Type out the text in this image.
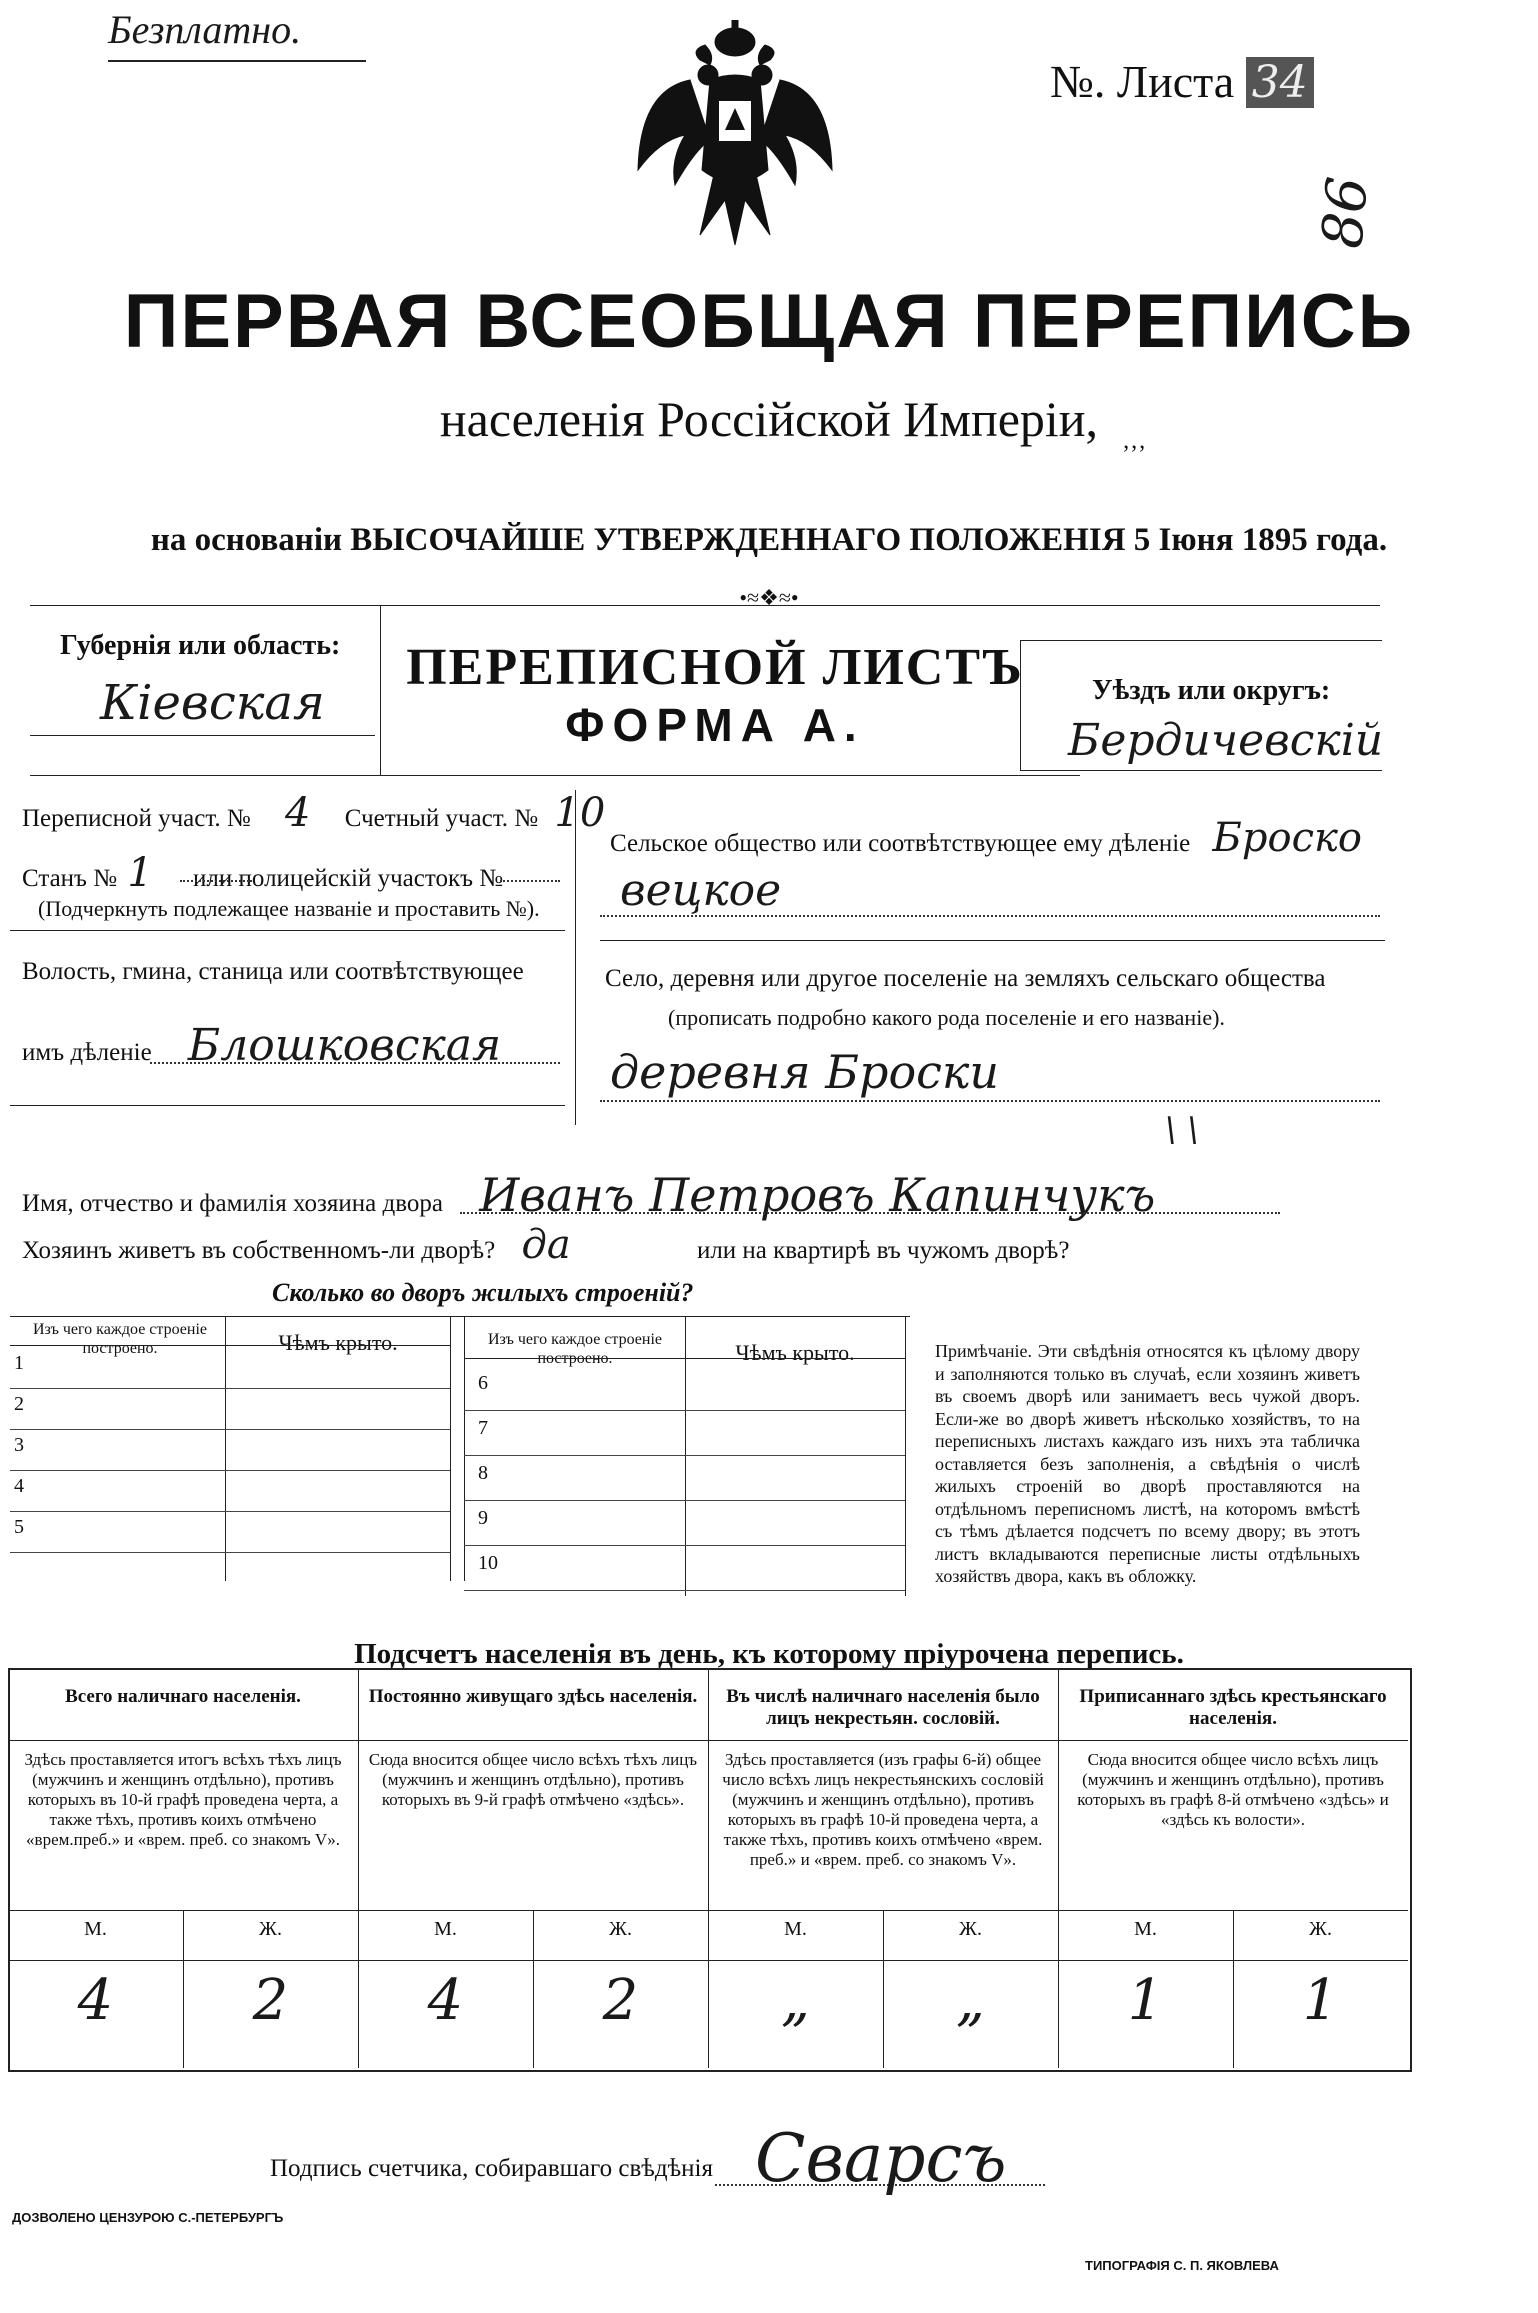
Безплатно.
№. Листа 34
86
ПЕРВАЯ ВСЕОБЩАЯ ПЕРЕПИСЬ
населенія Россійской Имперіи, ‚‚‚
на основаніи ВЫСОЧАЙШЕ УТВЕРЖДЕННАГО ПОЛОЖЕНІЯ 5 Іюня 1895 года.
•≈❖≈•
Губернія или область:
Кіевская
ПЕРЕПИСНОЙ ЛИСТЪ
ФОРМА А.
Уѣздъ или округъ:
Бердичевскій
Переписной участ. № 4 Счетный участ. № 10
Станъ № 1 или полицейскій участокъ №
(Подчеркнуть подлежащее названіе и проставить №).
Волость, гмина, станица или соотвѣтствующее
имъ дѣленіе Блошковская
Сельское общество или соотвѣтствующее ему дѣленіе Броско
вецкое
Село, деревня или другое поселеніе на земляхъ сельскаго общества
(прописать подробно какого рода поселеніе и его названіе).
деревня Броски
\ \
Имя, отчество и фамилія хозяина двора Иванъ Петровъ Капинчукъ
Хозяинъ живетъ въ собственномъ-ли дворѣ? да	или на квартирѣ въ чужомъ дворѣ?
Сколько во дворъ жилыхъ строеній?
Изъ чего каждое строеніе построено.	Чѣмъ крыто.	Изъ чего каждое строеніе построено.	Чѣмъ крыто.
1
2
3
4
5
6
7
8
9
10
Примѣчаніе. Эти свѣдѣнія относятся къ цѣлому двору и заполняются только въ случаѣ, если хозяинъ живетъ въ своемъ дворѣ или занимаетъ весь чужой дворъ. Если-же во дворѣ живетъ нѣсколько хозяйствъ, то на переписныхъ листахъ каждаго изъ нихъ эта табличка оставляется безъ заполненія, а свѣдѣнія о числѣ жилыхъ строеній во дворѣ проставляются на отдѣльномъ переписномъ листѣ, на которомъ вмѣстѣ съ тѣмъ дѣлается подсчетъ по всему двору; въ этотъ листъ вкладываются переписные листы отдѣльныхъ хозяйствъ двора, какъ въ обложку.
Подсчетъ населенія въ день, къ которому пріурочена перепись.
Всего наличнаго населенія.
Здѣсь проставляется итогъ всѣхъ тѣхъ лицъ (мужчинъ и женщинъ отдѣльно), противъ которыхъ въ 10-й графѣ проведена черта, а также тѣхъ, противъ коихъ отмѣчено «врем.преб.» и «врем. преб. со знакомъ V».
М.	Ж.
4	2
Постоянно живущаго здѣсь населенія.
Сюда вносится общее число всѣхъ тѣхъ лицъ (мужчинъ и женщинъ отдѣльно), противъ которыхъ въ 9-й графѣ отмѣчено «здѣсь».
М.	Ж.
4	2
Въ числѣ наличнаго населенія было лицъ некрестьян. сословій.
Здѣсь проставляется (изъ графы 6-й) общее число всѣхъ лицъ некрестьянскихъ сословій (мужчинъ и женщинъ отдѣльно), противъ которыхъ въ графѣ 10-й проведена черта, а также тѣхъ, противъ коихъ отмѣчено «врем. преб.» и «врем. преб. со знакомъ V».
М.	Ж.
„	„
Приписаннаго здѣсь крестьянскаго населенія.
Сюда вносится общее число всѣхъ лицъ (мужчинъ и женщинъ отдѣльно), противъ которыхъ въ графѣ 8-й отмѣчено «здѣсь» и «здѣсь къ волости».
М.	Ж.
1	1
Подпись счетчика, собиравшаго свѣдѣнія Сварсъ
ДОЗВОЛЕНО ЦЕНЗУРОЮ С.-ПЕТЕРБУРГЪ
ТИПОГРАФІЯ С. П. ЯКОВЛЕВА
